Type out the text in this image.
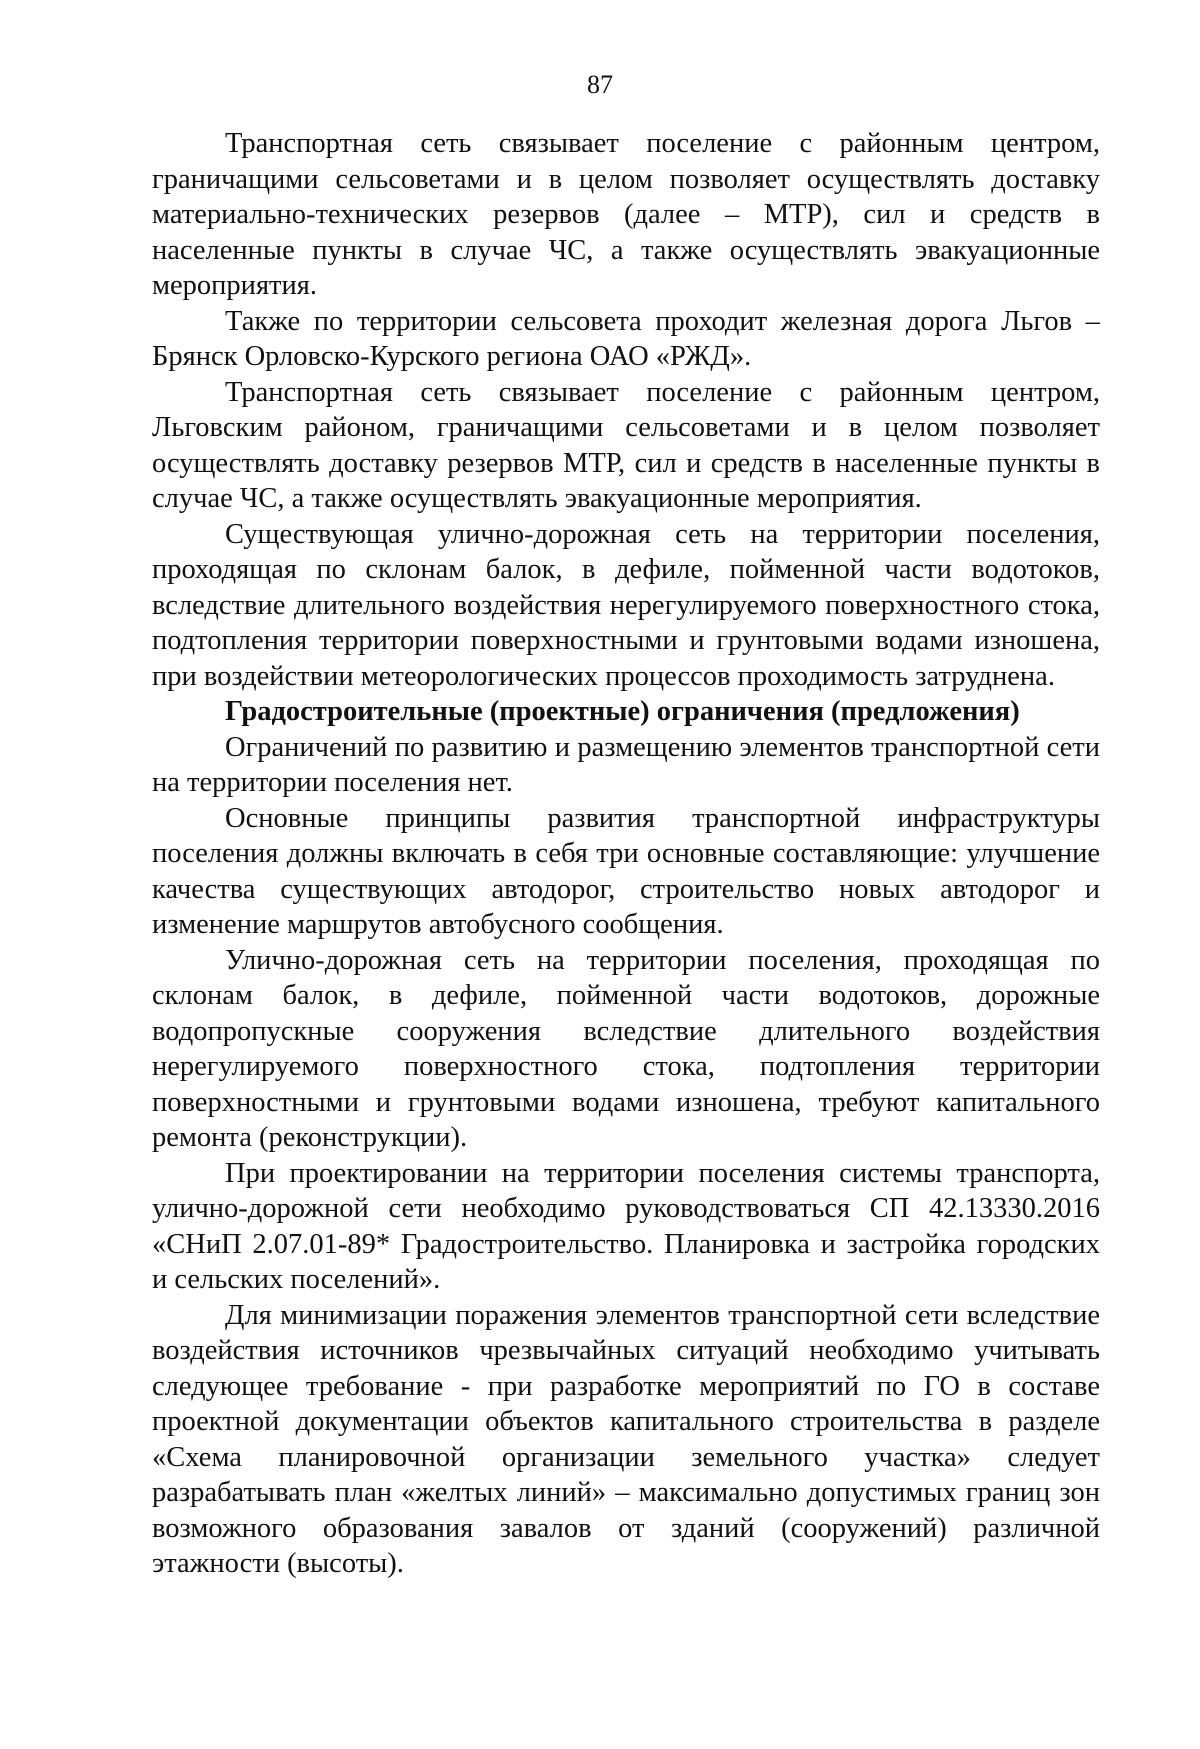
87

Транспортная сеть связывает поселение с районным центром, граничащими сельсоветами и в целом позволяет осуществлять доставку материально-технических резервов (далее – МТР), сил и средств в населенные пункты в случае ЧС, а также осуществлять эвакуационные мероприятия.

Также по территории сельсовета проходит железная дорога Льгов – Брянск Орловско-Курского региона ОАО «РЖД».

Транспортная сеть связывает поселение с районным центром, Льговским районом, граничащими сельсоветами и в целом позволяет осуществлять доставку резервов МТР, сил и средств в населенные пункты в случае ЧС, а также осуществлять эвакуационные мероприятия.

Существующая улично-дорожная сеть на территории поселения, проходящая по склонам балок, в дефиле, пойменной части водотоков, вследствие длительного воздействия нерегулируемого поверхностного стока, подтопления территории поверхностными и грунтовыми водами изношена, при воздействии метеорологических процессов проходимость затруднена.

Градостроительные (проектные) ограничения (предложения)

Ограничений по развитию и размещению элементов транспортной сети на территории поселения нет.

Основные принципы развития транспортной инфраструктуры поселения должны включать в себя три основные составляющие: улучшение качества существующих автодорог, строительство новых автодорог и изменение маршрутов автобусного сообщения.

Улично-дорожная сеть на территории поселения, проходящая по склонам балок, в дефиле, пойменной части водотоков, дорожные водопропускные сооружения вследствие длительного воздействия нерегулируемого поверхностного стока, подтопления территории поверхностными и грунтовыми водами изношена, требуют капитального ремонта (реконструкции).

При проектировании на территории поселения системы транспорта, улично-дорожной сети необходимо руководствоваться СП 42.13330.2016 «СНиП 2.07.01-89* Градостроительство. Планировка и застройка городских и сельских поселений».

Для минимизации поражения элементов транспортной сети вследствие воздействия источников чрезвычайных ситуаций необходимо учитывать следующее требование - при разработке мероприятий по ГО в составе проектной документации объектов капитального строительства в разделе «Схема планировочной организации земельного участка» следует разрабатывать план «желтых линий» – максимально допустимых границ зон возможного образования завалов от зданий (сооружений) различной этажности (высоты).
